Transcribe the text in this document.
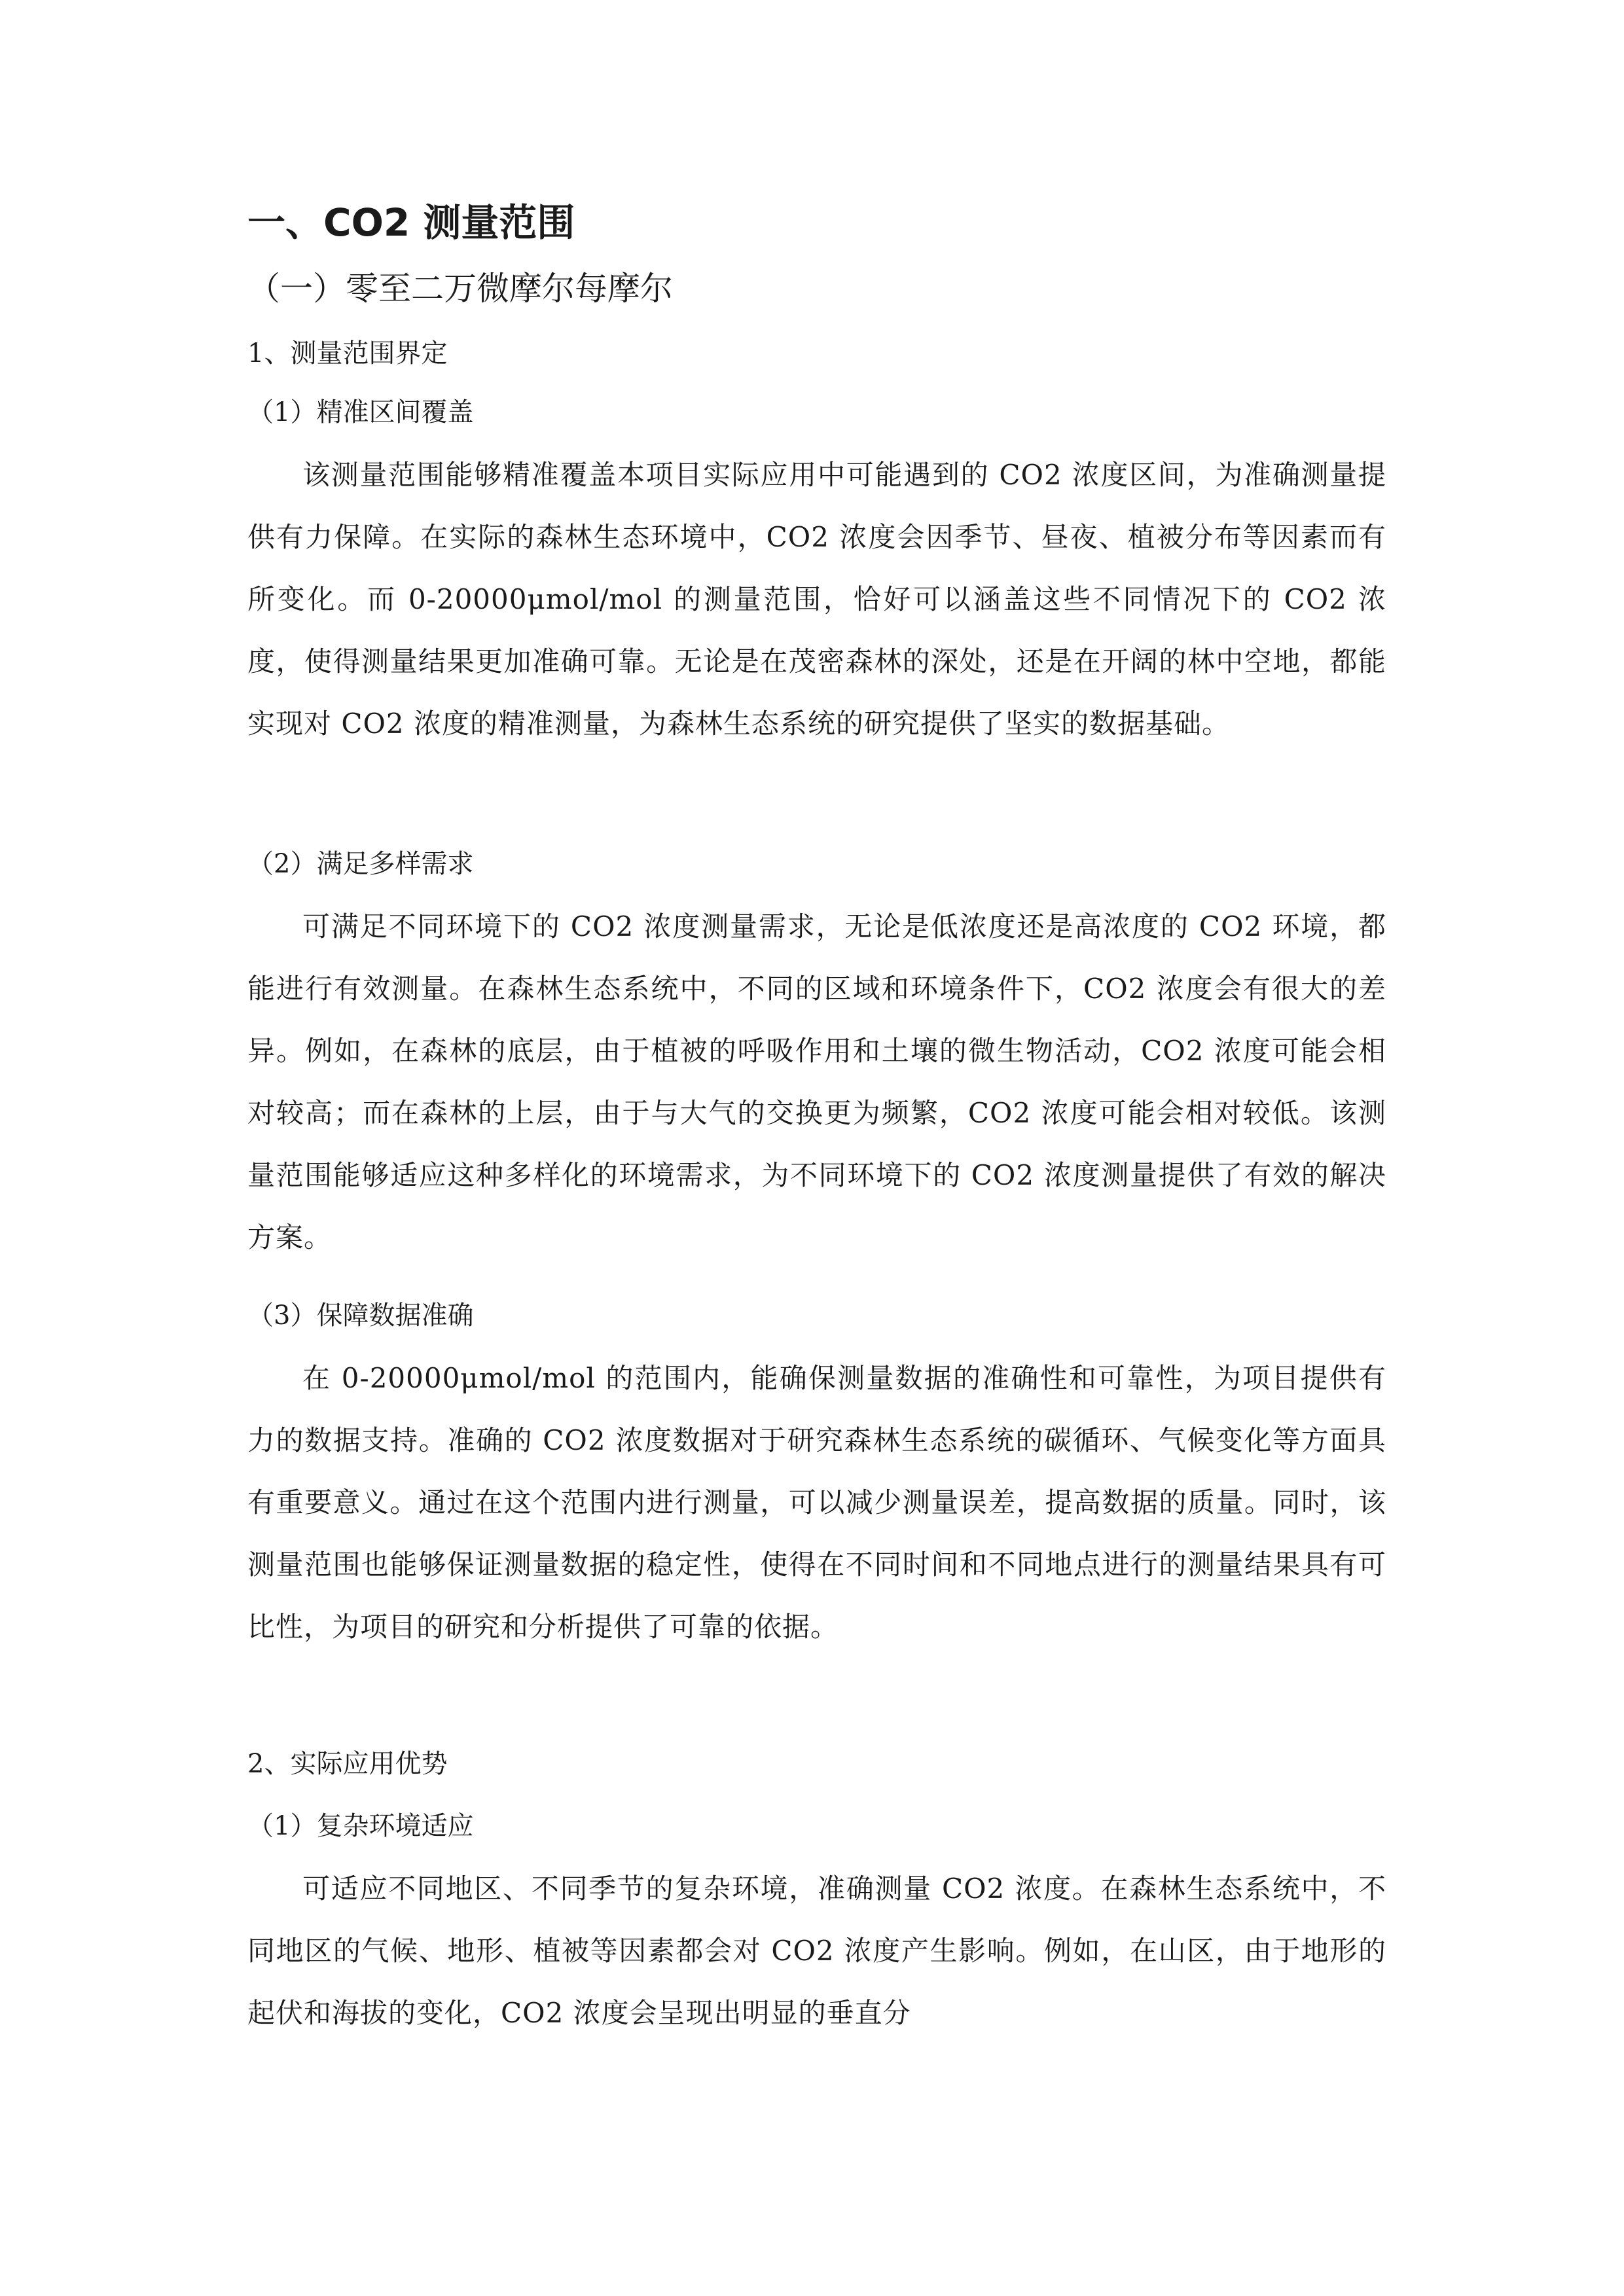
一、CO2 测量范围
（一）零至二万微摩尔每摩尔
1、测量范围界定
（1）精准区间覆盖
该测量范围能够精准覆盖本项目实际应用中可能遇到的 CO2 浓度区间，为准确测量提供有力保障。在实际的森林生态环境中，CO2 浓度会因季节、昼夜、植被分布等因素而有所变化。而 0-20000μmol/mol 的测量范围，恰好可以涵盖这些不同情况下的 CO2 浓度，使得测量结果更加准确可靠。无论是在茂密森林的深处，还是在开阔的林中空地，都能实现对 CO2 浓度的精准测量，为森林生态系统的研究提供了坚实的数据基础。
（2）满足多样需求
可满足不同环境下的 CO2 浓度测量需求，无论是低浓度还是高浓度的 CO2 环境，都能进行有效测量。在森林生态系统中，不同的区域和环境条件下，CO2 浓度会有很大的差异。例如，在森林的底层，由于植被的呼吸作用和土壤的微生物活动，CO2 浓度可能会相对较高；而在森林的上层，由于与大气的交换更为频繁，CO2 浓度可能会相对较低。该测量范围能够适应这种多样化的环境需求，为不同环境下的 CO2 浓度测量提供了有效的解决方案。
（3）保障数据准确
在 0-20000μmol/mol 的范围内，能确保测量数据的准确性和可靠性，为项目提供有力的数据支持。准确的 CO2 浓度数据对于研究森林生态系统的碳循环、气候变化等方面具有重要意义。通过在这个范围内进行测量，可以减少测量误差，提高数据的质量。同时，该测量范围也能够保证测量数据的稳定性，使得在不同时间和不同地点进行的测量结果具有可比性，为项目的研究和分析提供了可靠的依据。
2、实际应用优势
（1）复杂环境适应
可适应不同地区、不同季节的复杂环境，准确测量 CO2 浓度。在森林生态系统中，不同地区的气候、地形、植被等因素都会对 CO2 浓度产生影响。例如，在山区，由于地形的起伏和海拔的变化，CO2 浓度会呈现出明显的垂直分
